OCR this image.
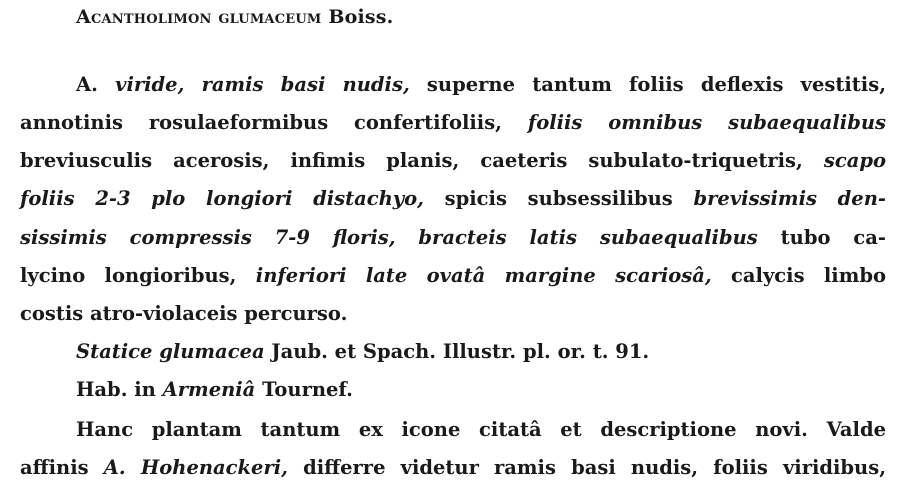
Acantholimon glumaceum Boiss.
A. viride, ramis basi nudis, superne tantum foliis deflexis vestitis,
annotinis rosulaeformibus confertifoliis, foliis omnibus subaequalibus
breviusculis acerosis, infimis planis, caeteris subulato-triquetris, scapo
foliis 2-3 plo longiori distachyo, spicis subsessilibus brevissimis den-
sissimis compressis 7-9 floris, bracteis latis subaequalibus tubo ca-
lycino longioribus, inferiori late ovatâ margine scariosâ, calycis limbo
costis atro-violaceis percurso.
Statice glumacea Jaub. et Spach. Illustr. pl. or. t. 91.
Hab. in Armeniâ Tournef.
Hanc plantam tantum ex icone citatâ et descriptione novi. Valde
affinis A. Hohenackeri, differre videtur ramis basi nudis, foliis viridibus,
